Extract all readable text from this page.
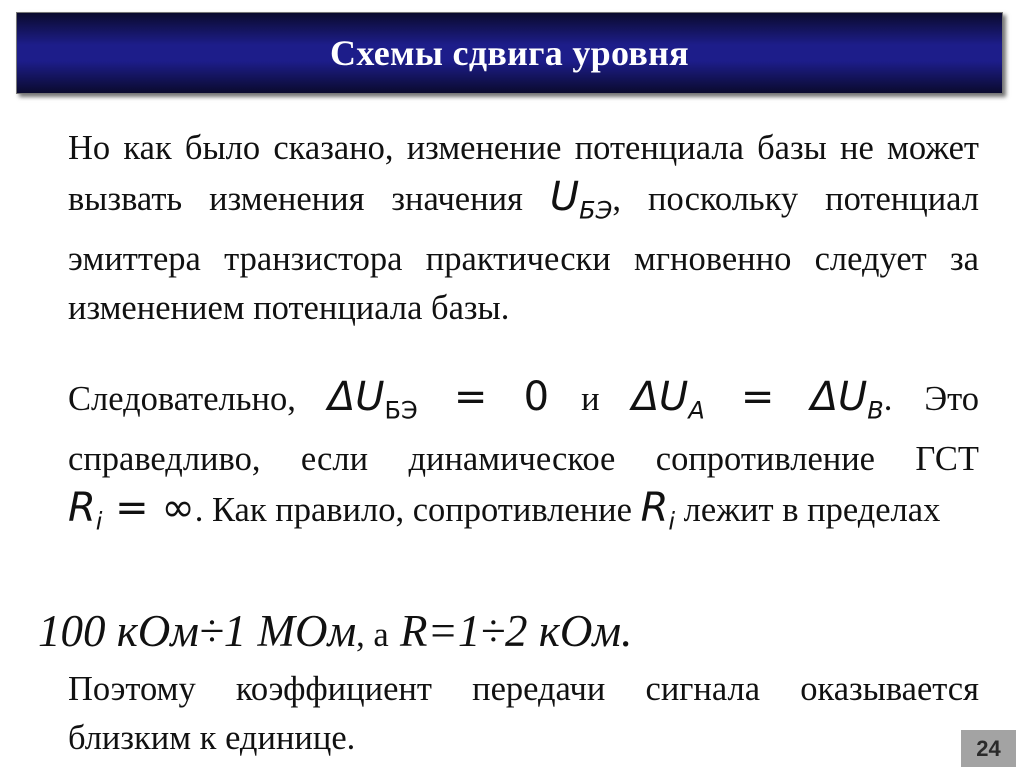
Схемы сдвига уровня

Но как было сказано, изменение потенциала базы не может вызвать изменения значения $U_{БЭ}$, поскольку потенциал эмиттера транзистора практически мгновенно следует за изменением потенциала базы.

Следовательно, $\Delta U_{БЭ} = 0$ и $\Delta U_A = \Delta U_B$. Это справедливо, если динамическое сопротивление ГСТ $R_i$ = ∞. Как правило, сопротивление $R_i$ лежит в пределах

100 кОм÷1 МОм, а R=1÷2 кОм.

Поэтому коэффициент передачи сигнала оказывается близким к единице.	24
